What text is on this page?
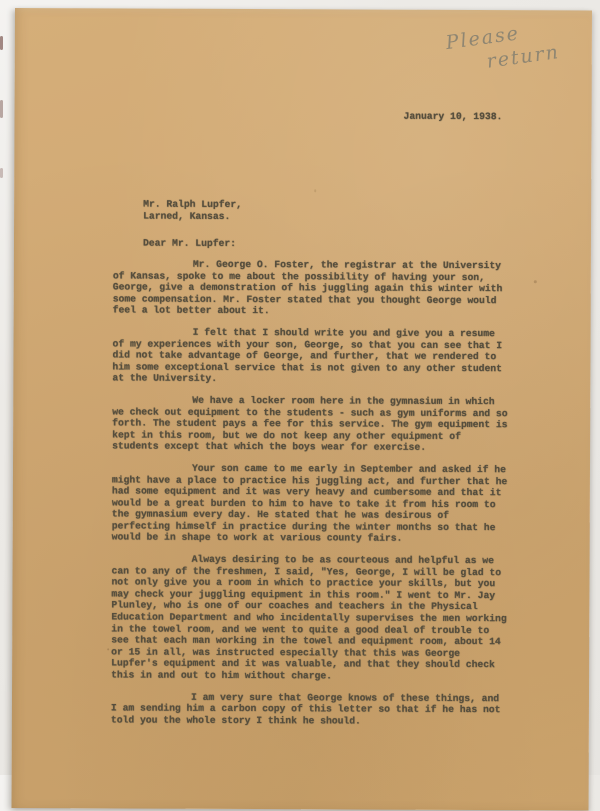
Please
return
January 10, 1938.
Mr. Ralph Lupfer,
Larned, Kansas.
Dear Mr. Lupfer:

Mr. George O. Foster, the registrar at the University of Kansas, spoke to me about the possibility of having your son, George, give a demonstration of his juggling again this winter with some compensation. Mr. Foster stated that you thought George would feel a lot better about it.

I felt that I should write you and give you a resume of my experiences with your son, George, so that you can see that I did not take advantage of George, and further, that we rendered to him some exceptional service that is not given to any other student at the University.

We have a locker room here in the gymnasium in which we check out equipment to the students - such as gym uniforms and so forth. The student pays a fee for this service. The gym equipment is kept in this room, but we do not keep any other equipment of students except that which the boys wear for exercise.

Your son came to me early in September and asked if he might have a place to practice his juggling act, and further that he had some equipment and it was very heavy and cumbersome and that it would be a great burden to him to have to take it from his room to the gymnasium every day. He stated that he was desirous of perfecting himself in practice during the winter months so that he would be in shape to work at various county fairs.

Always desiring to be as courteous and helpful as we can to any of the freshmen, I said, "Yes, George, I will be glad to not only give you a room in which to practice your skills, but you may check your juggling equipment in this room." I went to Mr. Jay Plunley, who is one of our coaches and teachers in the Physical Education Department and who incidentally supervises the men working in the towel room, and we went to quite a good deal of trouble to see that each man working in the towel and equipment room, about 14 or 15 in all, was instructed especially that this was George Lupfer's equipment and it was valuable, and that they should check this in and out to him without charge.

I am very sure that George knows of these things, and I am sending him a carbon copy of this letter so that if he has not told you the whole story I think he should.
